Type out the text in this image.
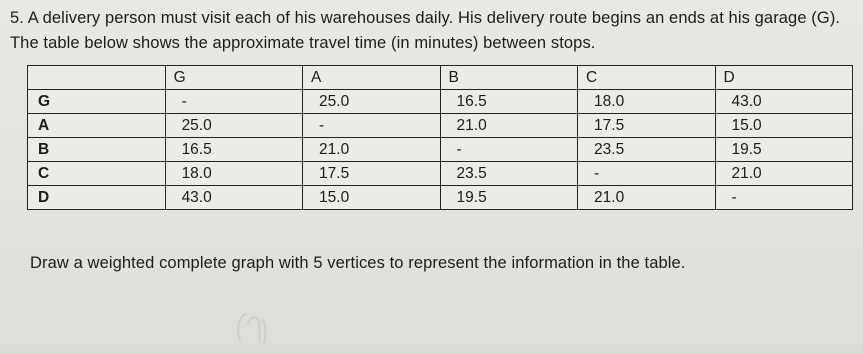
5. A delivery person must visit each of his warehouses daily. His delivery route begins an ends at his garage (G). The table below shows the approximate travel time (in minutes) between stops.
	G	A	B	C	D
G	-	25.0	16.5	18.0	43.0
A	25.0	-	21.0	17.5	15.0
B	16.5	21.0	-	23.5	19.5
C	18.0	17.5	23.5	-	21.0
D	43.0	15.0	19.5	21.0	-
Draw a weighted complete graph with 5 vertices to represent the information in the table.
